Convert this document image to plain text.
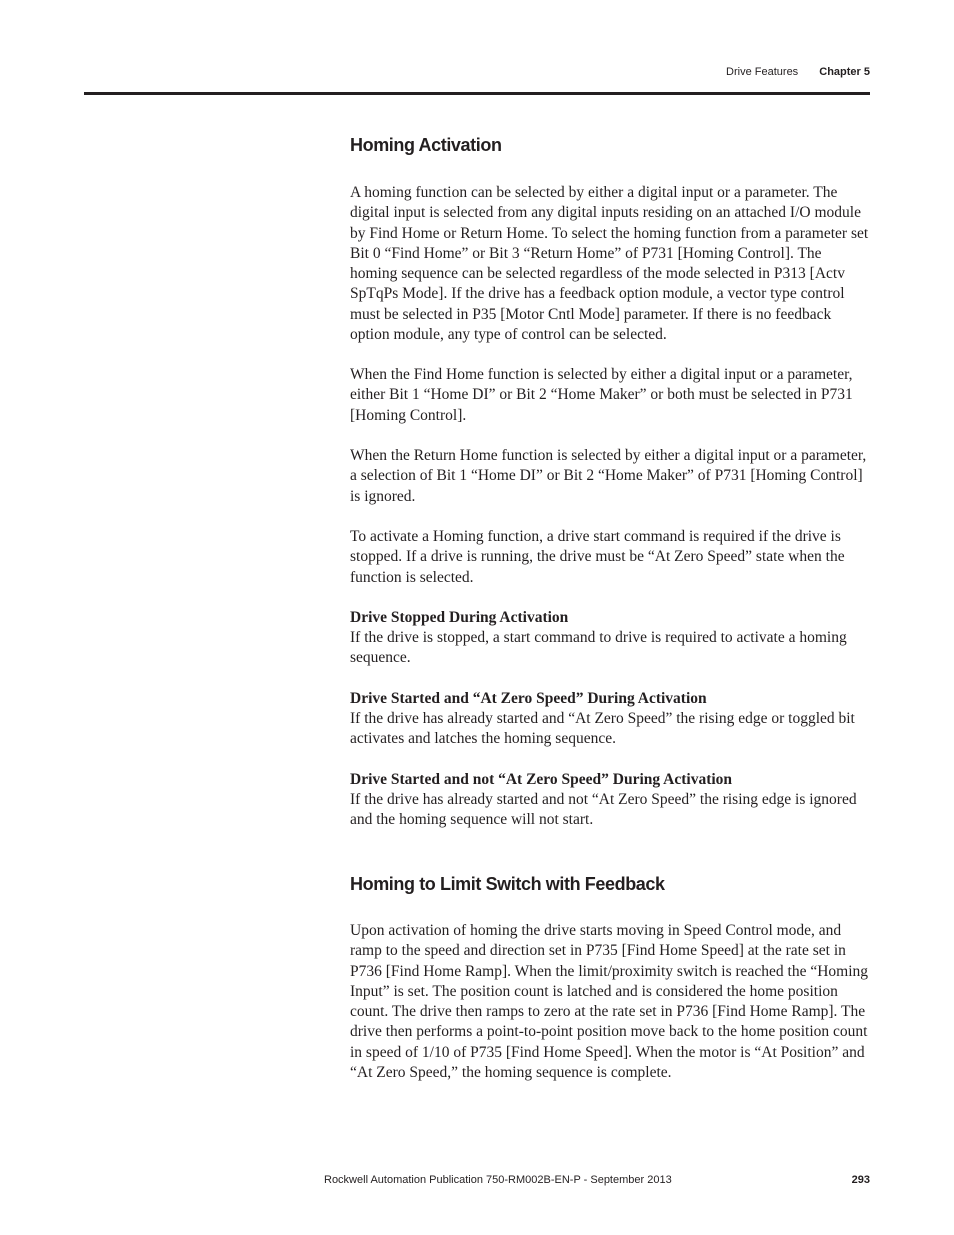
Drive Features Chapter 5
Homing Activation

A homing function can be selected by either a digital input or a parameter. The digital input is selected from any digital inputs residing on an attached I/O module by Find Home or Return Home. To select the homing function from a parameter set Bit 0 “Find Home” or Bit 3 “Return Home” of P731 [Homing Control]. The homing sequence can be selected regardless of the mode selected in P313 [Actv SpTqPs Mode]. If the drive has a feedback option module, a vector type control must be selected in P35 [Motor Cntl Mode] parameter. If there is no feedback option module, any type of control can be selected.

When the Find Home function is selected by either a digital input or a parameter, either Bit 1 “Home DI” or Bit 2 “Home Maker” or both must be selected in P731 [Homing Control].

When the Return Home function is selected by either a digital input or a parameter, a selection of Bit 1 “Home DI” or Bit 2 “Home Maker” of P731 [Homing Control] is ignored.

To activate a Homing function, a drive start command is required if the drive is stopped. If a drive is running, the drive must be “At Zero Speed” state when the function is selected.

Drive Stopped During Activation

If the drive is stopped, a start command to drive is required to activate a homing sequence.

Drive Started and “At Zero Speed” During Activation

If the drive has already started and “At Zero Speed” the rising edge or toggled bit activates and latches the homing sequence.

Drive Started and not “At Zero Speed” During Activation

If the drive has already started and not “At Zero Speed” the rising edge is ignored and the homing sequence will not start.

Homing to Limit Switch with Feedback

Upon activation of homing the drive starts moving in Speed Control mode, and ramp to the speed and direction set in P735 [Find Home Speed] at the rate set in P736 [Find Home Ramp]. When the limit/proximity switch is reached the “Homing Input” is set. The position count is latched and is considered the home position count. The drive then ramps to zero at the rate set in P736 [Find Home Ramp]. The drive then performs a point-to-point position move back to the home position count in speed of 1/10 of P735 [Find Home Speed]. When the motor is “At Position” and “At Zero Speed,” the homing sequence is complete.

Rockwell Automation Publication 750-RM002B-EN-P - September 2013	293
